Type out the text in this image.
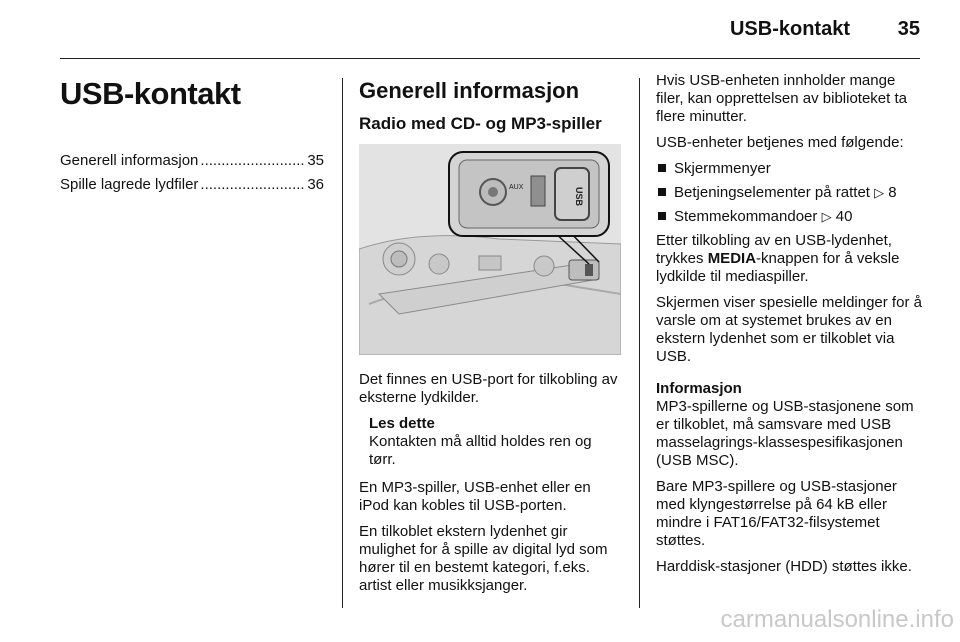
USB-kontakt 35
USB-kontakt
Generell informasjon .....	35
Spille lagrede lydfiler .....	36
Generell informasjon
Radio med CD- og MP3-spiller
AUX	USB

Det finnes en USB-port for tilkobling av eksterne lydkilder.

Les dette
Kontakten må alltid holdes ren og tørr.

En MP3-spiller, USB-enhet eller en iPod kan kobles til USB-porten.

En tilkoblet ekstern lydenhet gir mulighet for å spille av digital lyd som hører til en bestemt kategori, f.eks. artist eller musikksjanger.

Hvis USB-enheten innholder mange filer, kan opprettelsen av biblioteket ta flere minutter.

USB-enheter betjenes med følgende:

Skjermmenyer
Betjeningselementer på rattet ▷ 8
Stemmekommandoer ▷ 40

Etter tilkobling av en USB-lydenhet, trykkes MEDIA-knappen for å veksle lydkilde til mediaspiller.

Skjermen viser spesielle meldinger for å varsle om at systemet brukes av en ekstern lydenhet som er tilkoblet via USB.

Informasjon

MP3-spillerne og USB-stasjonene som er tilkoblet, må samsvare med USB masselagrings-klassespesifikasjonen (USB MSC).

Bare MP3-spillere og USB-stasjoner med klyngestørrelse på 64 kB eller mindre i FAT16/FAT32-filsystemet støttes.

Harddisk-stasjoner (HDD) støttes ikke.

carmanualsonline.info
